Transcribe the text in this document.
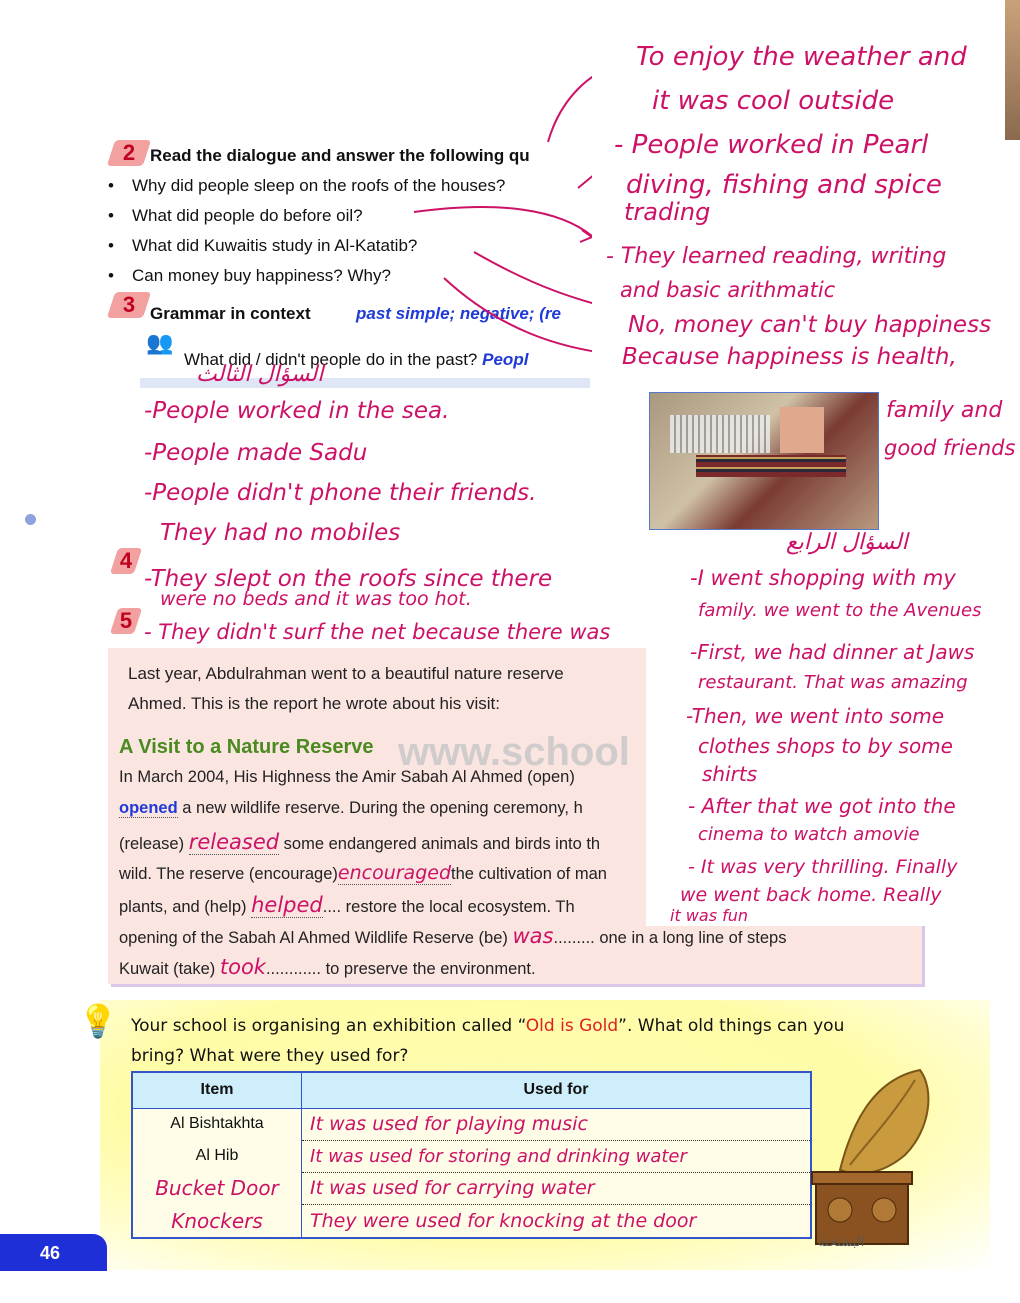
2 Read the dialogue and answer the following qu
• Why did people sleep on the roofs of the houses?
• What did people do before oil?
• What did Kuwaitis study in Al-Katatib?
• Can money buy happiness? Why?
3 Grammar in context	past simple; negative; (re
👥
What did / didn't people do in the past? Peopl
To enjoy the weather and
it was cool outside
- People worked in Pearl
diving, fishing and spice
trading
- They learned reading, writing
and basic arithmatic
No, money can't buy happiness
Because happiness is health,
السؤال الثالث
-People worked in the sea.
-People made Sadu
-People didn't phone their friends.
They had no mobiles
-They slept on the roofs since there
were no beds and it was too hot.
- They didn't surf the net because there was
4
5
family and
good friends
Last year, Abdulrahman went to a beautiful nature reserve
Ahmed. This is the report he wrote about his visit:
www.school
A Visit to a Nature Reserve
In March 2004, His Highness the Amir Sabah Al Ahmed (open)
opened a new wildlife reserve. During the opening ceremony, h
(release) released some endangered animals and birds into th
wild. The reserve (encourage)encouragedthe cultivation of man
plants, and (help) helped.... restore the local ecosystem. Th
opening of the Sabah Al Ahmed Wildlife Reserve (be) was......... one in a long line of steps
Kuwait (take) took............ to preserve the environment.
السؤال الرابع
-I went shopping with my
family. we went to the Avenues
-First, we had dinner at Jaws
restaurant. That was amazing
-Then, we went into some
clothes shops to by some
shirts
- After that we got into the
cinema to watch amovie
- It was very thrilling. Finally
we went back home. Really
it was fun
💡 Your school is organising an exhibition called “Old is Gold”. What old things can you
bring? What were they used for?
Item	Used for
Al Bishtakhta	It was used for playing music
Al Hib	It was used for storing and drinking water
Bucket Door	It was used for carrying water
Knockers	They were used for knocking at the door
البشتختة
46
